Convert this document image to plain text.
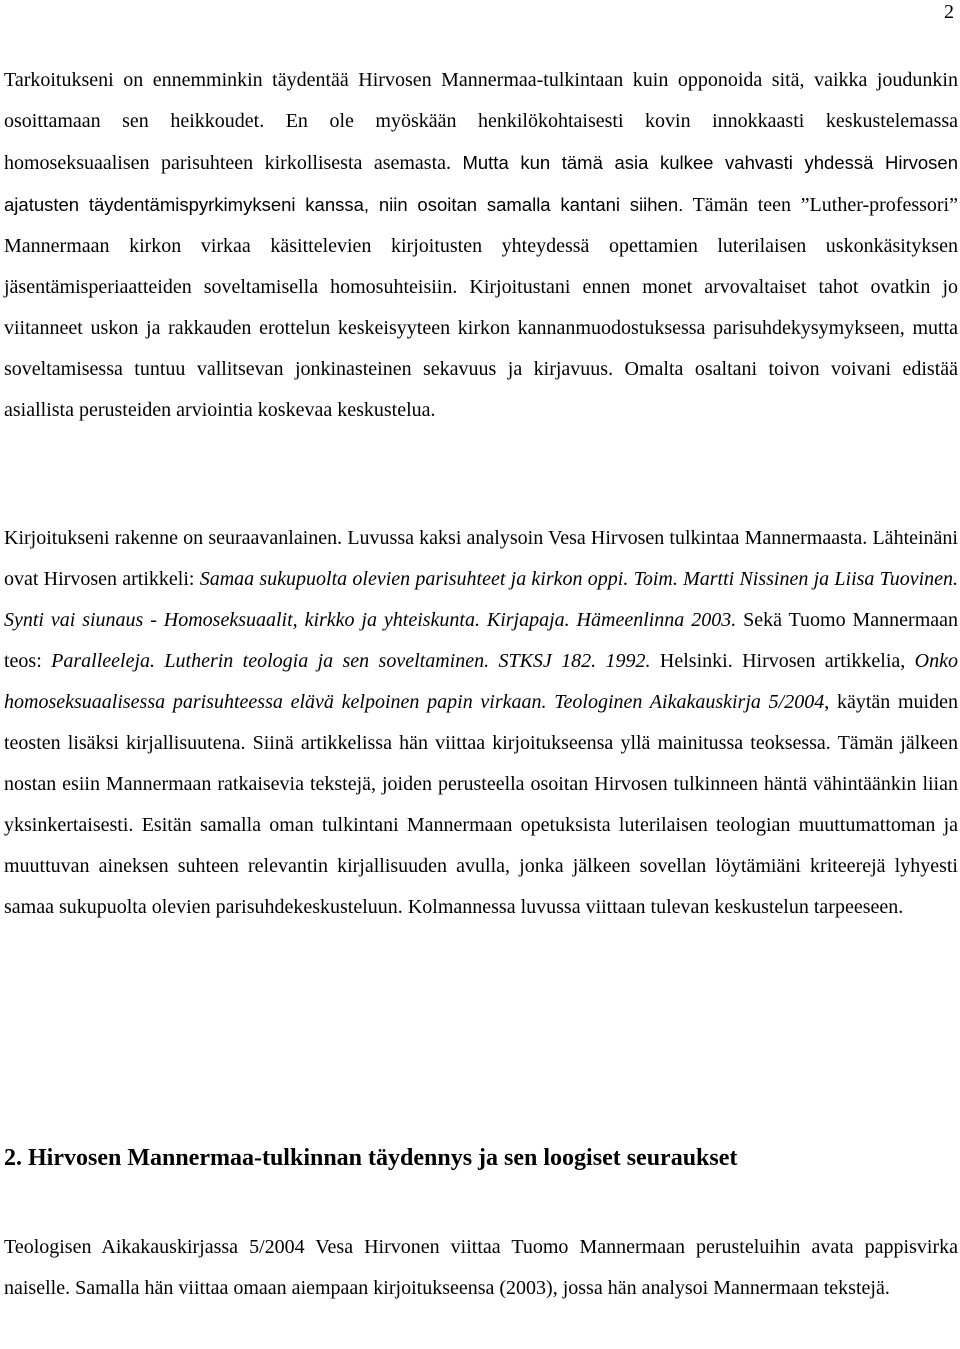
2

Tarkoitukseni on ennemminkin täydentää Hirvosen Mannermaa-tulkintaan kuin opponoida sitä, vaikka joudunkin osoittamaan sen heikkoudet. En ole myöskään henkilökohtaisesti kovin innokkaasti keskustelemassa homoseksuaalisen parisuhteen kirkollisesta asemasta. Mutta kun tämä asia kulkee vahvasti yhdessä Hirvosen ajatusten täydentämispyrkimykseni kanssa, niin osoitan samalla kantani siihen. Tämän teen ”Luther-professori” Mannermaan kirkon virkaa käsittelevien kirjoitusten yhteydessä opettamien luterilaisen uskonkäsityksen jäsentämisperiaatteiden soveltamisella homosuhteisiin. Kirjoitustani ennen monet arvovaltaiset tahot ovatkin jo viitanneet uskon ja rakkauden erottelun keskeisyyteen kirkon kannanmuodostuksessa parisuhdekysymykseen, mutta soveltamisessa tuntuu vallitsevan jonkinasteinen sekavuus ja kirjavuus. Omalta osaltani toivon voivani edistää asiallista perusteiden arviointia koskevaa keskustelua.

Kirjoitukseni rakenne on seuraavanlainen. Luvussa kaksi analysoin Vesa Hirvosen tulkintaa Mannermaasta. Lähteinäni ovat Hirvosen artikkeli: Samaa sukupuolta olevien parisuhteet ja kirkon oppi. Toim. Martti Nissinen ja Liisa Tuovinen. Synti vai siunaus - Homoseksuaalit, kirkko ja yhteiskunta. Kirjapaja. Hämeenlinna 2003. Sekä Tuomo Mannermaan teos: Paralleeleja. Lutherin teologia ja sen soveltaminen. STKSJ 182. 1992. Helsinki. Hirvosen artikkelia, Onko homoseksuaalisessa parisuhteessa elävä kelpoinen papin virkaan. Teologinen Aikakauskirja 5/2004, käytän muiden teosten lisäksi kirjallisuutena. Siinä artikkelissa hän viittaa kirjoitukseensa yllä mainitussa teoksessa. Tämän jälkeen nostan esiin Mannermaan ratkaisevia tekstejä, joiden perusteella osoitan Hirvosen tulkinneen häntä vähintäänkin liian yksinkertaisesti. Esitän samalla oman tulkintani Mannermaan opetuksista luterilaisen teologian muuttumattoman ja muuttuvan aineksen suhteen relevantin kirjallisuuden avulla, jonka jälkeen sovellan löytämiäni kriteerejä lyhyesti samaa sukupuolta olevien parisuhdekeskusteluun. Kolmannessa luvussa viittaan tulevan keskustelun tarpeeseen.

2. Hirvosen Mannermaa-tulkinnan täydennys ja sen loogiset seuraukset

Teologisen Aikakauskirjassa 5/2004 Vesa Hirvonen viittaa Tuomo Mannermaan perusteluihin avata pappisvirka naiselle. Samalla hän viittaa omaan aiempaan kirjoitukseensa (2003), jossa hän analysoi Mannermaan tekstejä.
